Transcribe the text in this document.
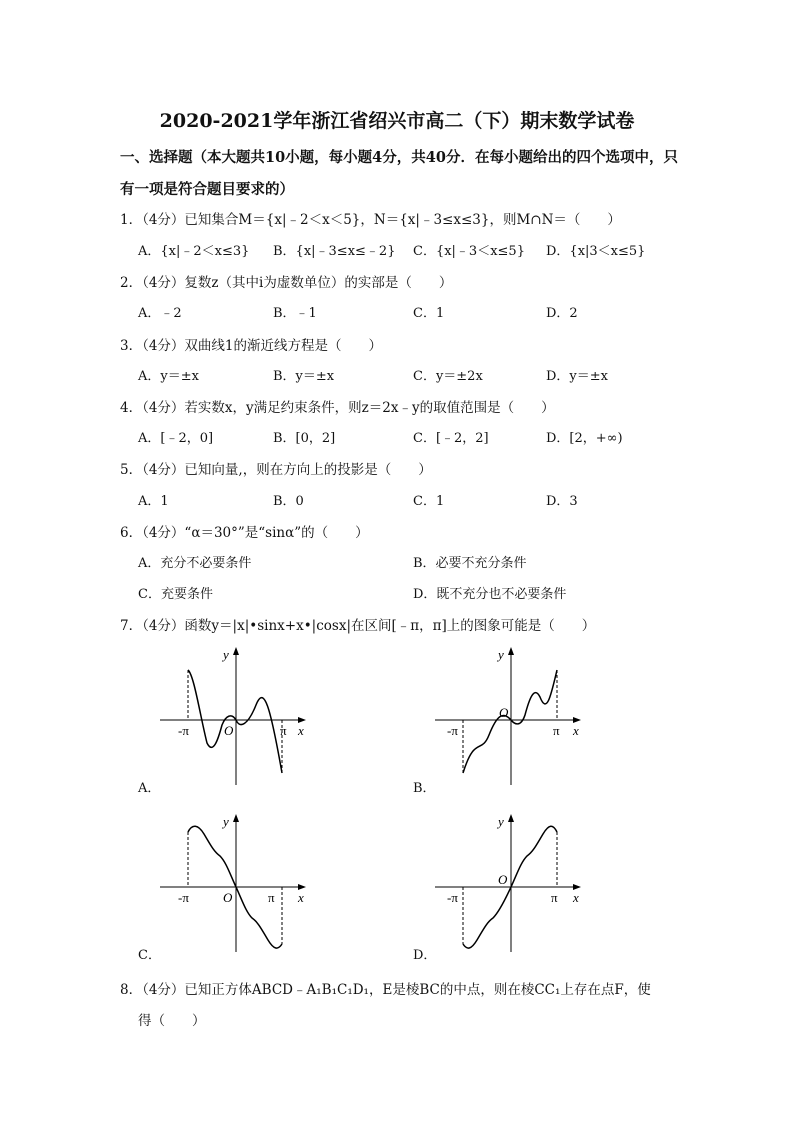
2020-2021学年浙江省绍兴市高二（下）期末数学试卷
一、选择题（本大题共10小题，每小题4分，共40分．在每小题给出的四个选项中，只
有一项是符合题目要求的）
1．（4分）已知集合M＝{x|﹣2＜x＜5}，N＝{x|﹣3≤x≤3}，则M∩N＝（　　）
A．{x|﹣2＜x≤3} B．{x|﹣3≤x≤﹣2} C．{x|﹣3＜x≤5} D．{x|3＜x≤5}
2．（4分）复数z（其中i为虚数单位）的实部是（　　）
A．﹣2	B．﹣1	C．1	D．2
3．（4分）双曲线1的渐近线方程是（　　）
A．y＝±x	B．y＝±x	C．y＝±2x	D．y＝±x
4．（4分）若实数x，y满足约束条件，则z＝2x﹣y的取值范围是（　　）
A．[﹣2，0]	B．[0，2]	C．[﹣2，2]	D．[2，+∞)
5．（4分）已知向量,，则在方向上的投影是（　　）
A．1	B．0	C．1	D．3
6．（4分）“α＝30°”是“sinα”的（　　）
A．充分不必要条件	B．必要不充分条件
C．充要条件	D．既不充分也不必要条件
7．（4分）函数y＝|x|•sinx+x•|cosx|在区间[﹣π，π]上的图象可能是（　　）
y
x
O
-π	π
A．
y
x
O
-π	π
B．
y
x
O
-π	π
C．
y
x
O
-π	π
D．
8．（4分）已知正方体ABCD﹣A₁B₁C₁D₁，E是棱BC的中点，则在棱CC₁上存在点F，使
得（　　）
